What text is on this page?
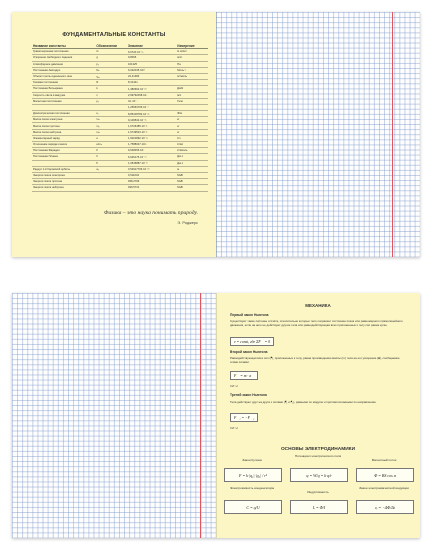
ФУНДАМЕНТАЛЬНЫЕ КОНСТАНТЫ
Название константы	Обозначение	Значение	Измерение
Гравитационная постоянная	G	6,6720·10⁻¹¹	Н·м²/кг²
Ускорение свободного падения	g	9,8066	м/с²
Атмосферное давление	p₀	101325	Па
Постоянная Авогадро	Nₐ	6,022045·10²³	Моль⁻¹
Объём 1 моль идеального газа	Vₘ	22,41383	м³/моль
Газовая постоянная	R	8,31441	
Постоянная Больцмана	k	1,380662·10⁻²³	Дж/К
Скорость света в вакууме	c	2,99792458·10⁸	м/с
Магнитная постоянная	μ₀	4π·10⁻⁷	Гн/м
		1,25663706·10⁻⁶	
Диэлектрическая постоянная	ε₀	8,85418782·10⁻¹²	Ф/м
Масса покоя электрона	mₑ	9,109534·10⁻³¹	кг
Масса покоя протона	mₚ	1,6726485·10⁻²⁷	кг
Масса покоя нейтрона	mₙ	1,6749543·10⁻²⁷	кг
Элементарный заряд	e	1,6021892·10⁻¹⁹	Кл
Отношение заряда к массе	e/mₑ	1,7588047·10¹¹	Кл/кг
Постоянная Фарадея	F	9,648456·10⁴	Кл/моль
Постоянная Планка	h	6,626176·10⁻³⁴	Дж·с
	ħ	1,0545887·10⁻³⁴	Дж·с
Радиус 1-й боровской орбиты	a₀	0,52917706·10⁻¹⁰	м
Энергия покоя электрона		0,511034	МэВ
Энергия покоя протона		938,2796	МэВ
Энергия покоя нейтрона		939,5731	МэВ
Физика – это наука понимать природу.
Э. Роджерс
МЕХАНИКА
Первый закон Ньютона
Существуют такие системы отсчёта, относительно которых тело сохраняет состояние покоя или равномерного прямолинейного движения, если на него не действуют другие тела или равнодействующая всех приложенных к телу сил равна нулю.
v = const, где ΣF⃗ = 0
Второй закон Ньютона
Равнодействующая всех сил (F⃗), приложенных к телу, равна произведению массы (m) тела на его ускорение (a⃗), сообщаемое этими силами.
F⃗ = m · a⃗
СИ: Н
Третий закон Ньютона
Тела действуют друг на друга с силами (F⃗₁ и F⃗₂), равными по модулю и противоположными по направлению.
F⃗₁ = −F⃗₂
СИ: Н
ОСНОВЫ ЭЛЕКТРОДИНАМИКИ
Закон Кулона
F = k·|q₁|·|q₂| / r²
Потенциал электрического поля
φ = W/q = k·q/r
Магнитный поток
Φ = BS cos α
Электроёмкость конденсатора
C = q/U
Индуктивность
L = Φ/I
Закон электромагнитной индукции
εᵢ = −ΔΦ/Δt
